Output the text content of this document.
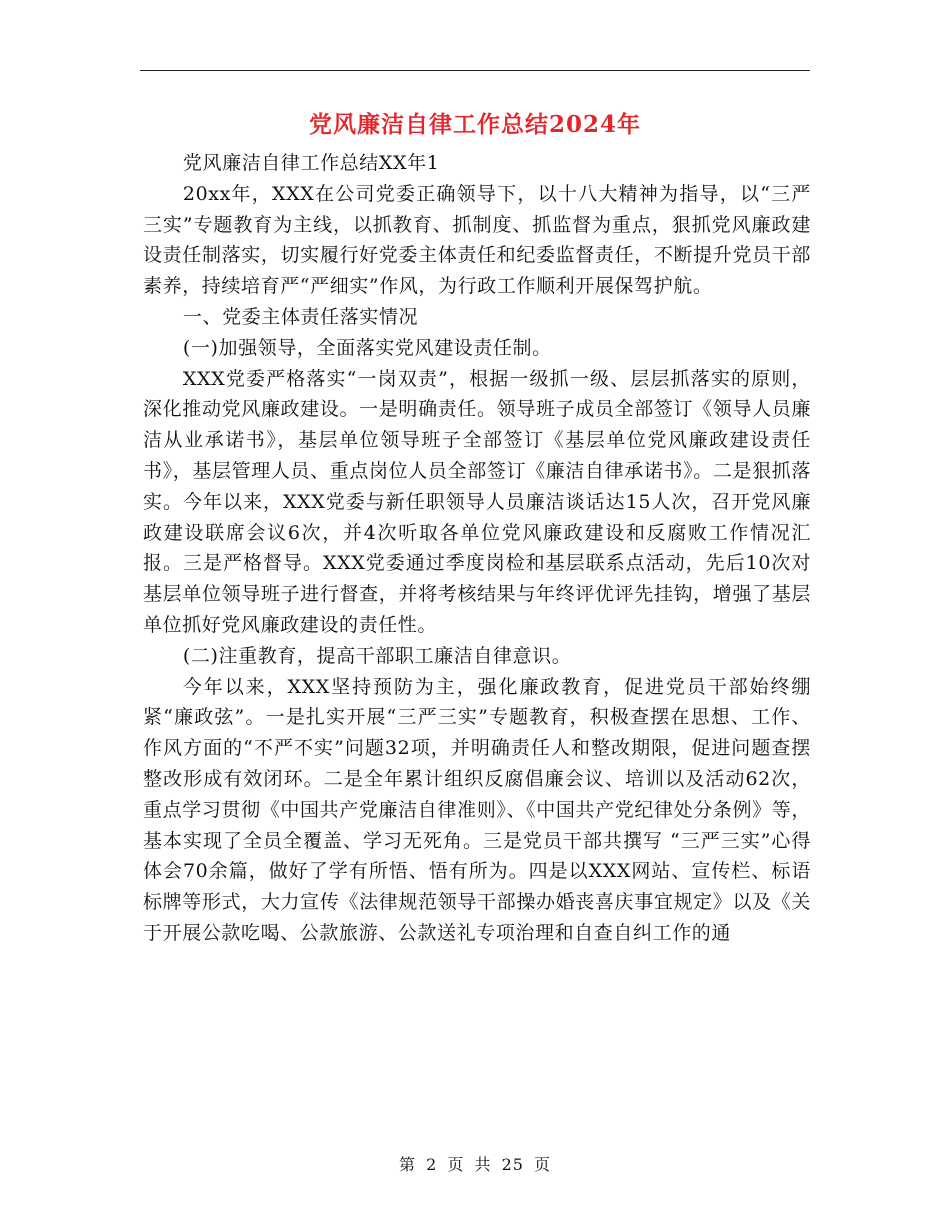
党风廉洁自律工作总结2024年

党风廉洁自律工作总结XX年1

20xx年，XXX在公司党委正确领导下，以十八大精神为指导，以“三严三实”专题教育为主线，以抓教育、抓制度、抓监督为重点，狠抓党风廉政建设责任制落实，切实履行好党委主体责任和纪委监督责任，不断提升党员干部素养，持续培育严“严细实”作风，为行政工作顺利开展保驾护航。

一、党委主体责任落实情况

(一)加强领导，全面落实党风建设责任制。

XXX党委严格落实“一岗双责”，根据一级抓一级、层层抓落实的原则，深化推动党风廉政建设。一是明确责任。领导班子成员全部签订《领导人员廉洁从业承诺书》，基层单位领导班子全部签订《基层单位党风廉政建设责任书》，基层管理人员、重点岗位人员全部签订《廉洁自律承诺书》。二是狠抓落实。今年以来，XXX党委与新任职领导人员廉洁谈话达15人次，召开党风廉政建设联席会议6次，并4次听取各单位党风廉政建设和反腐败工作情况汇报。三是严格督导。XXX党委通过季度岗检和基层联系点活动，先后10次对基层单位领导班子进行督查，并将考核结果与年终评优评先挂钩，增强了基层单位抓好党风廉政建设的责任性。

(二)注重教育，提高干部职工廉洁自律意识。

今年以来，XXX坚持预防为主，强化廉政教育，促进党员干部始终绷紧“廉政弦”。一是扎实开展“三严三实”专题教育，积极查摆在思想、工作、作风方面的“不严不实”问题32项，并明确责任人和整改期限，促进问题查摆整改形成有效闭环。二是全年累计组织反腐倡廉会议、培训以及活动62次，重点学习贯彻《中国共产党廉洁自律准则》、《中国共产党纪律处分条例》等，基本实现了全员全覆盖、学习无死角。三是党员干部共撰写 “三严三实”心得体会70余篇，做好了学有所悟、悟有所为。四是以XXX网站、宣传栏、标语标牌等形式，大力宣传《法律规范领导干部操办婚丧喜庆事宜规定》以及《关于开展公款吃喝、公款旅游、公款送礼专项治理和自查自纠工作的通

第 2 页 共 25 页
